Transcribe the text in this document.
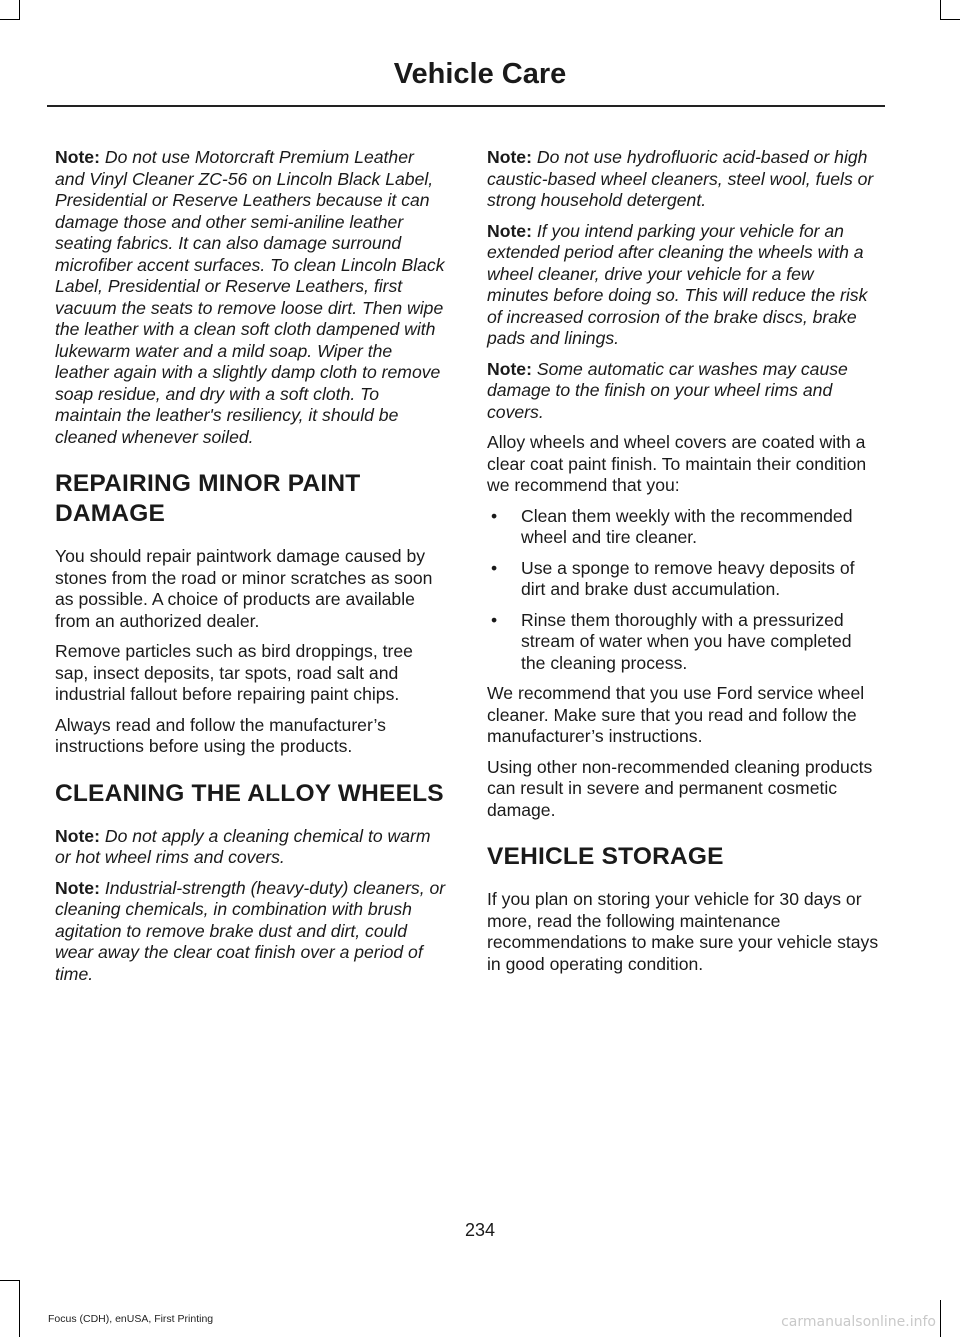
Vehicle Care

Note: Do not use Motorcraft Premium Leather and Vinyl Cleaner ZC-56 on Lincoln Black Label, Presidential or Reserve Leathers because it can damage those and other semi-aniline leather seating fabrics. It can also damage surround microfiber accent surfaces. To clean Lincoln Black Label, Presidential or Reserve Leathers, first vacuum the seats to remove loose dirt. Then wipe the leather with a clean soft cloth dampened with lukewarm water and a mild soap. Wiper the leather again with a slightly damp cloth to remove soap residue, and dry with a soft cloth. To maintain the leather's resiliency, it should be cleaned whenever soiled.

REPAIRING MINOR PAINT DAMAGE

You should repair paintwork damage caused by stones from the road or minor scratches as soon as possible. A choice of products are available from an authorized dealer.

Remove particles such as bird droppings, tree sap, insect deposits, tar spots, road salt and industrial fallout before repairing paint chips.

Always read and follow the manufacturer’s instructions before using the products.

CLEANING THE ALLOY WHEELS

Note: Do not apply a cleaning chemical to warm or hot wheel rims and covers.

Note: Industrial-strength (heavy-duty) cleaners, or cleaning chemicals, in combination with brush agitation to remove brake dust and dirt, could wear away the clear coat finish over a period of time.

Note: Do not use hydrofluoric acid-based or high caustic-based wheel cleaners, steel wool, fuels or strong household detergent.

Note: If you intend parking your vehicle for an extended period after cleaning the wheels with a wheel cleaner, drive your vehicle for a few minutes before doing so. This will reduce the risk of increased corrosion of the brake discs, brake pads and linings.

Note: Some automatic car washes may cause damage to the finish on your wheel rims and covers.

Alloy wheels and wheel covers are coated with a clear coat paint finish. To maintain their condition we recommend that you:

• Clean them weekly with the recommended wheel and tire cleaner.
• Use a sponge to remove heavy deposits of dirt and brake dust accumulation.
• Rinse them thoroughly with a pressurized stream of water when you have completed the cleaning process.

We recommend that you use Ford service wheel cleaner. Make sure that you read and follow the manufacturer’s instructions.

Using other non-recommended cleaning products can result in severe and permanent cosmetic damage.

VEHICLE STORAGE

If you plan on storing your vehicle for 30 days or more, read the following maintenance recommendations to make sure your vehicle stays in good operating condition.

234
Focus (CDH), enUSA, First Printing	carmanualsonline.info
